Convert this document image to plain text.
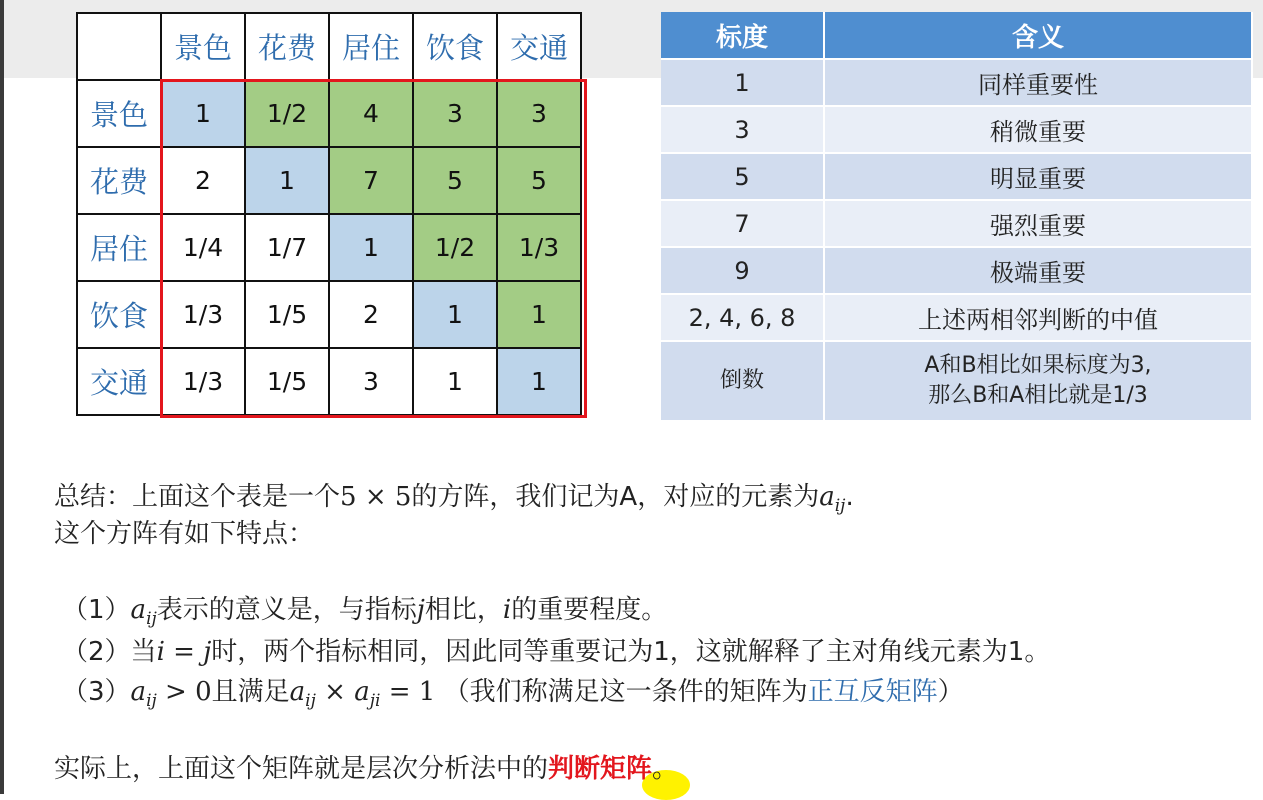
	景色	花费	居住	饮食	交通
景色	1	1/2	4	3	3
花费	2	1	7	5	5
居住	1/4	1/7	1	1/2	1/3
饮食	1/3	1/5	2	1	1
交通	1/3	1/5	3	1	1
标度	含义
1	同样重要性
3	稍微重要
5	明显重要
7	强烈重要
9	极端重要
2, 4, 6, 8	上述两相邻判断的中值
倒数	A和B相比如果标度为3,
那么B和A相比就是1/3
总结：上面这个表是一个5 × 5的方阵，我们记为A，对应的元素为$a_{ij}$.
这个方阵有如下特点：
$(1)a_{ij}$表示的意义是，与指标j相比，i的重要程度。
（2）当i = j时，两个指标相同，因此同等重要记为1，这就解释了主对角线元素为1。
$(3)a_{ij} > 0$且满足$a_{ij} \times a_{ji} = 1$ （我们称满足这一条件的矩阵为正互反矩阵）
实际上，上面这个矩阵就是层次分析法中的判断矩阵。
